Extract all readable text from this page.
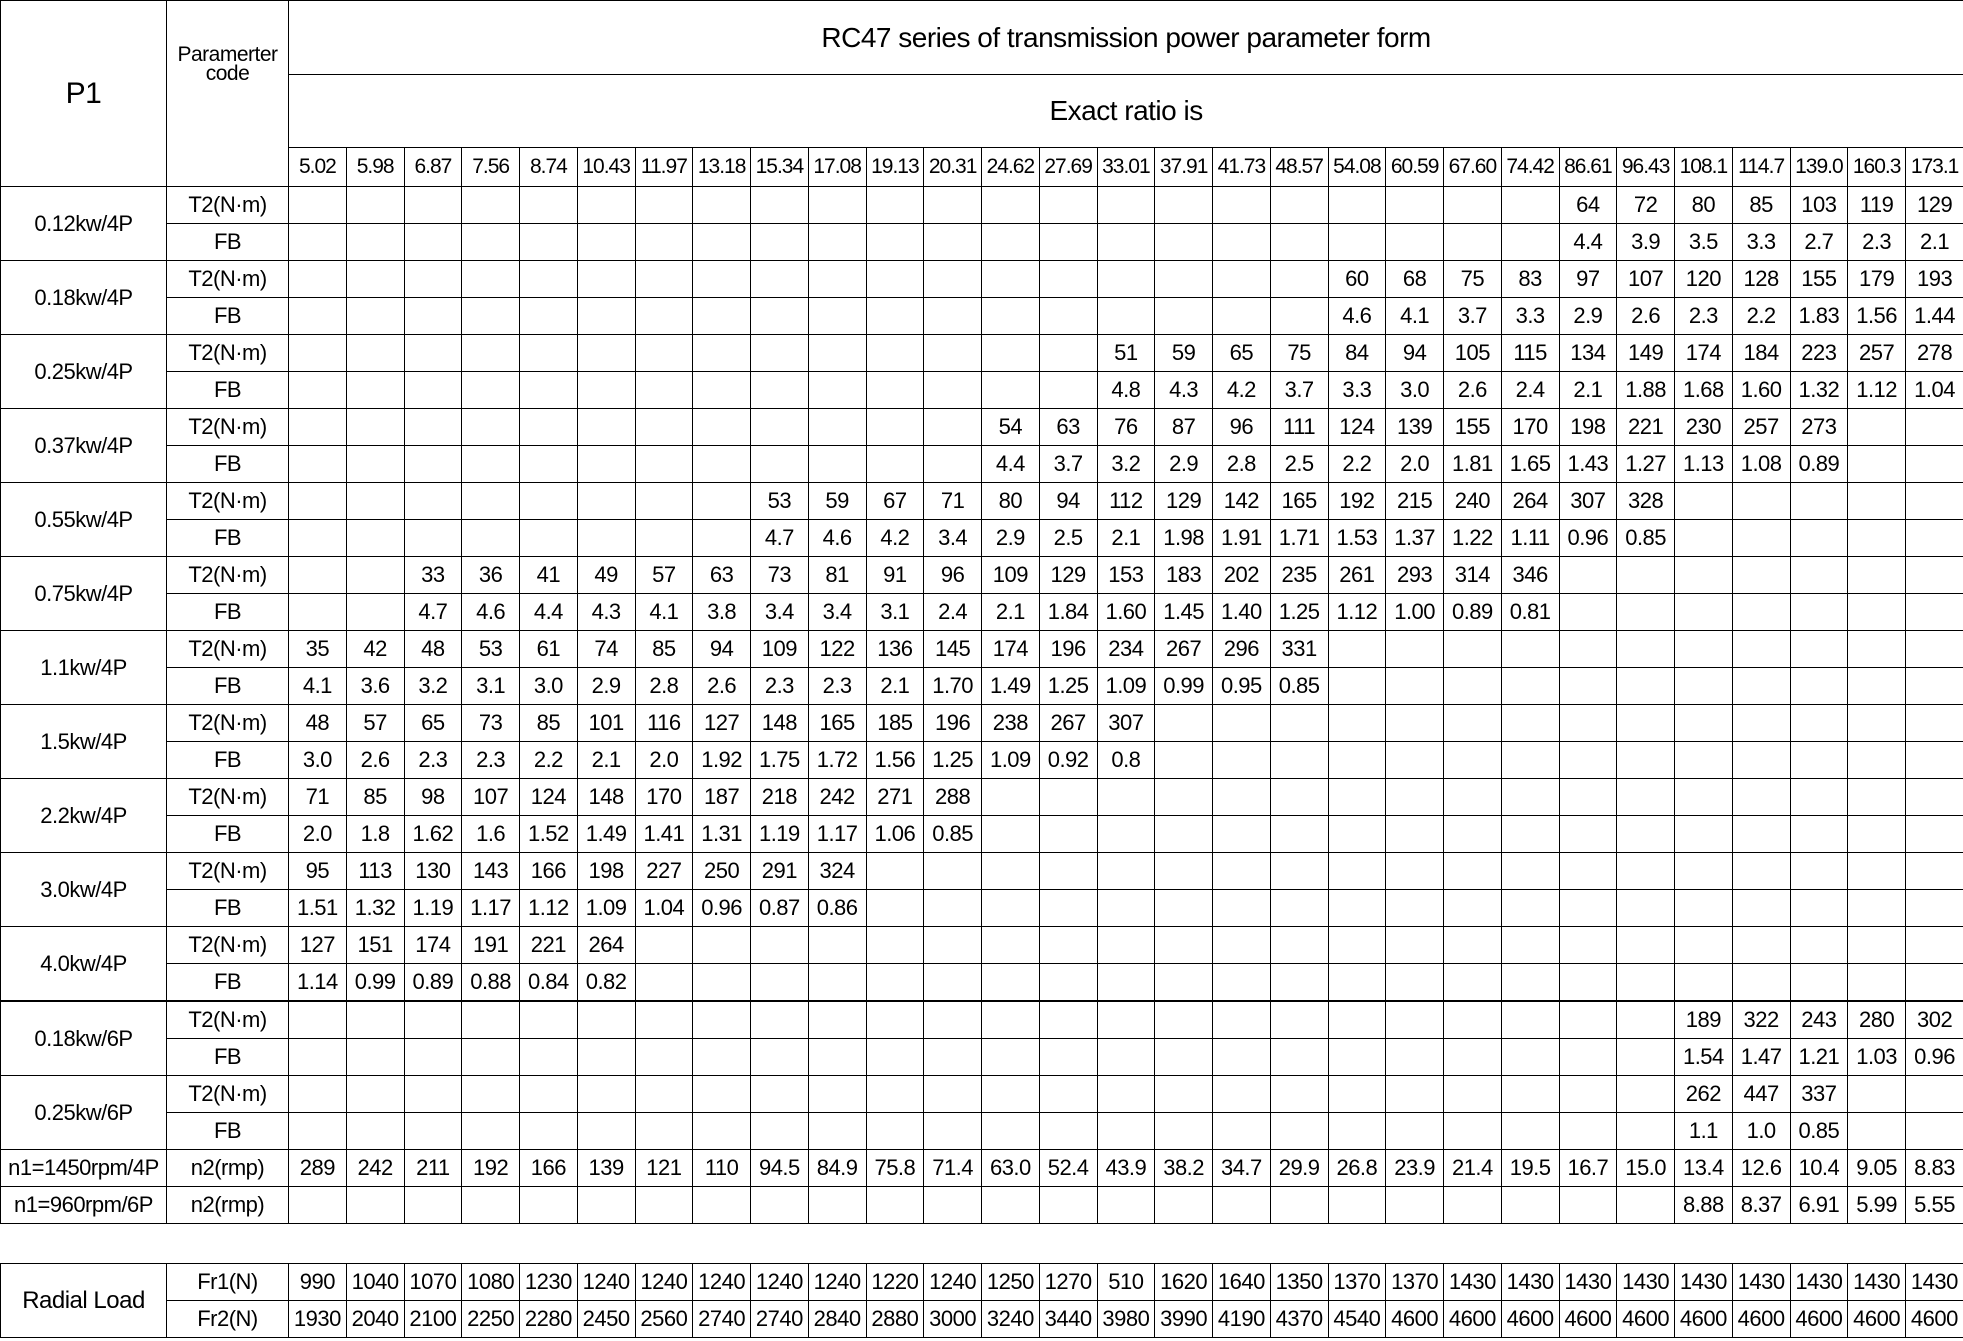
P1	Paramerter code	RC47 series of transmission power parameter form																												
		Exact ratio is																												
		5.02	5.98	6.87	7.56	8.74	10.43	11.97	13.18	15.34	17.08	19.13	20.31	24.62	27.69	33.01	37.91	41.73	48.57	54.08	60.59	67.60	74.42	86.61	96.43	108.1	114.7	139.0	160.3	173.1
0.12kw/4P	T2(N·m)																							64	72	80	85	103	119	129
	FB																							4.4	3.9	3.5	3.3	2.7	2.3	2.1
0.18kw/4P	T2(N·m)																			60	68	75	83	97	107	120	128	155	179	193
	FB																			4.6	4.1	3.7	3.3	2.9	2.6	2.3	2.2	1.83	1.56	1.44
0.25kw/4P	T2(N·m)															51	59	65	75	84	94	105	115	134	149	174	184	223	257	278
	FB															4.8	4.3	4.2	3.7	3.3	3.0	2.6	2.4	2.1	1.88	1.68	1.60	1.32	1.12	1.04
0.37kw/4P	T2(N·m)													54	63	76	87	96	111	124	139	155	170	198	221	230	257	273		
	FB													4.4	3.7	3.2	2.9	2.8	2.5	2.2	2.0	1.81	1.65	1.43	1.27	1.13	1.08	0.89		
0.55kw/4P	T2(N·m)									53	59	67	71	80	94	112	129	142	165	192	215	240	264	307	328					
	FB									4.7	4.6	4.2	3.4	2.9	2.5	2.1	1.98	1.91	1.71	1.53	1.37	1.22	1.11	0.96	0.85					
0.75kw/4P	T2(N·m)			33	36	41	49	57	63	73	81	91	96	109	129	153	183	202	235	261	293	314	346							
	FB			4.7	4.6	4.4	4.3	4.1	3.8	3.4	3.4	3.1	2.4	2.1	1.84	1.60	1.45	1.40	1.25	1.12	1.00	0.89	0.81							
1.1kw/4P	T2(N·m)	35	42	48	53	61	74	85	94	109	122	136	145	174	196	234	267	296	331											
	FB	4.1	3.6	3.2	3.1	3.0	2.9	2.8	2.6	2.3	2.3	2.1	1.70	1.49	1.25	1.09	0.99	0.95	0.85											
1.5kw/4P	T2(N·m)	48	57	65	73	85	101	116	127	148	165	185	196	238	267	307														
	FB	3.0	2.6	2.3	2.3	2.2	2.1	2.0	1.92	1.75	1.72	1.56	1.25	1.09	0.92	0.8														
2.2kw/4P	T2(N·m)	71	85	98	107	124	148	170	187	218	242	271	288																	
	FB	2.0	1.8	1.62	1.6	1.52	1.49	1.41	1.31	1.19	1.17	1.06	0.85																	
3.0kw/4P	T2(N·m)	95	113	130	143	166	198	227	250	291	324																			
	FB	1.51	1.32	1.19	1.17	1.12	1.09	1.04	0.96	0.87	0.86																			
4.0kw/4P	T2(N·m)	127	151	174	191	221	264																							
	FB	1.14	0.99	0.89	0.88	0.84	0.82																							
0.18kw/6P	T2(N·m)																									189	322	243	280	302
	FB																									1.54	1.47	1.21	1.03	0.96
0.25kw/6P	T2(N·m)																									262	447	337		
	FB																									1.1	1.0	0.85		
n1=1450rpm/4P	n2(rmp)	289	242	211	192	166	139	121	110	94.5	84.9	75.8	71.4	63.0	52.4	43.9	38.2	34.7	29.9	26.8	23.9	21.4	19.5	16.7	15.0	13.4	12.6	10.4	9.05	8.83
n1=960rpm/6P	n2(rmp)																									8.88	8.37	6.91	5.99	5.55
Radial Load	Fr1(N)	990	1040	1070	1080	1230	1240	1240	1240	1240	1240	1220	1240	1250	1270	510	1620	1640	1350	1370	1370	1430	1430	1430	1430	1430	1430	1430	1430	1430
	Fr2(N)	1930	2040	2100	2250	2280	2450	2560	2740	2740	2840	2880	3000	3240	3440	3980	3990	4190	4370	4540	4600	4600	4600	4600	4600	4600	4600	4600	4600	4600
